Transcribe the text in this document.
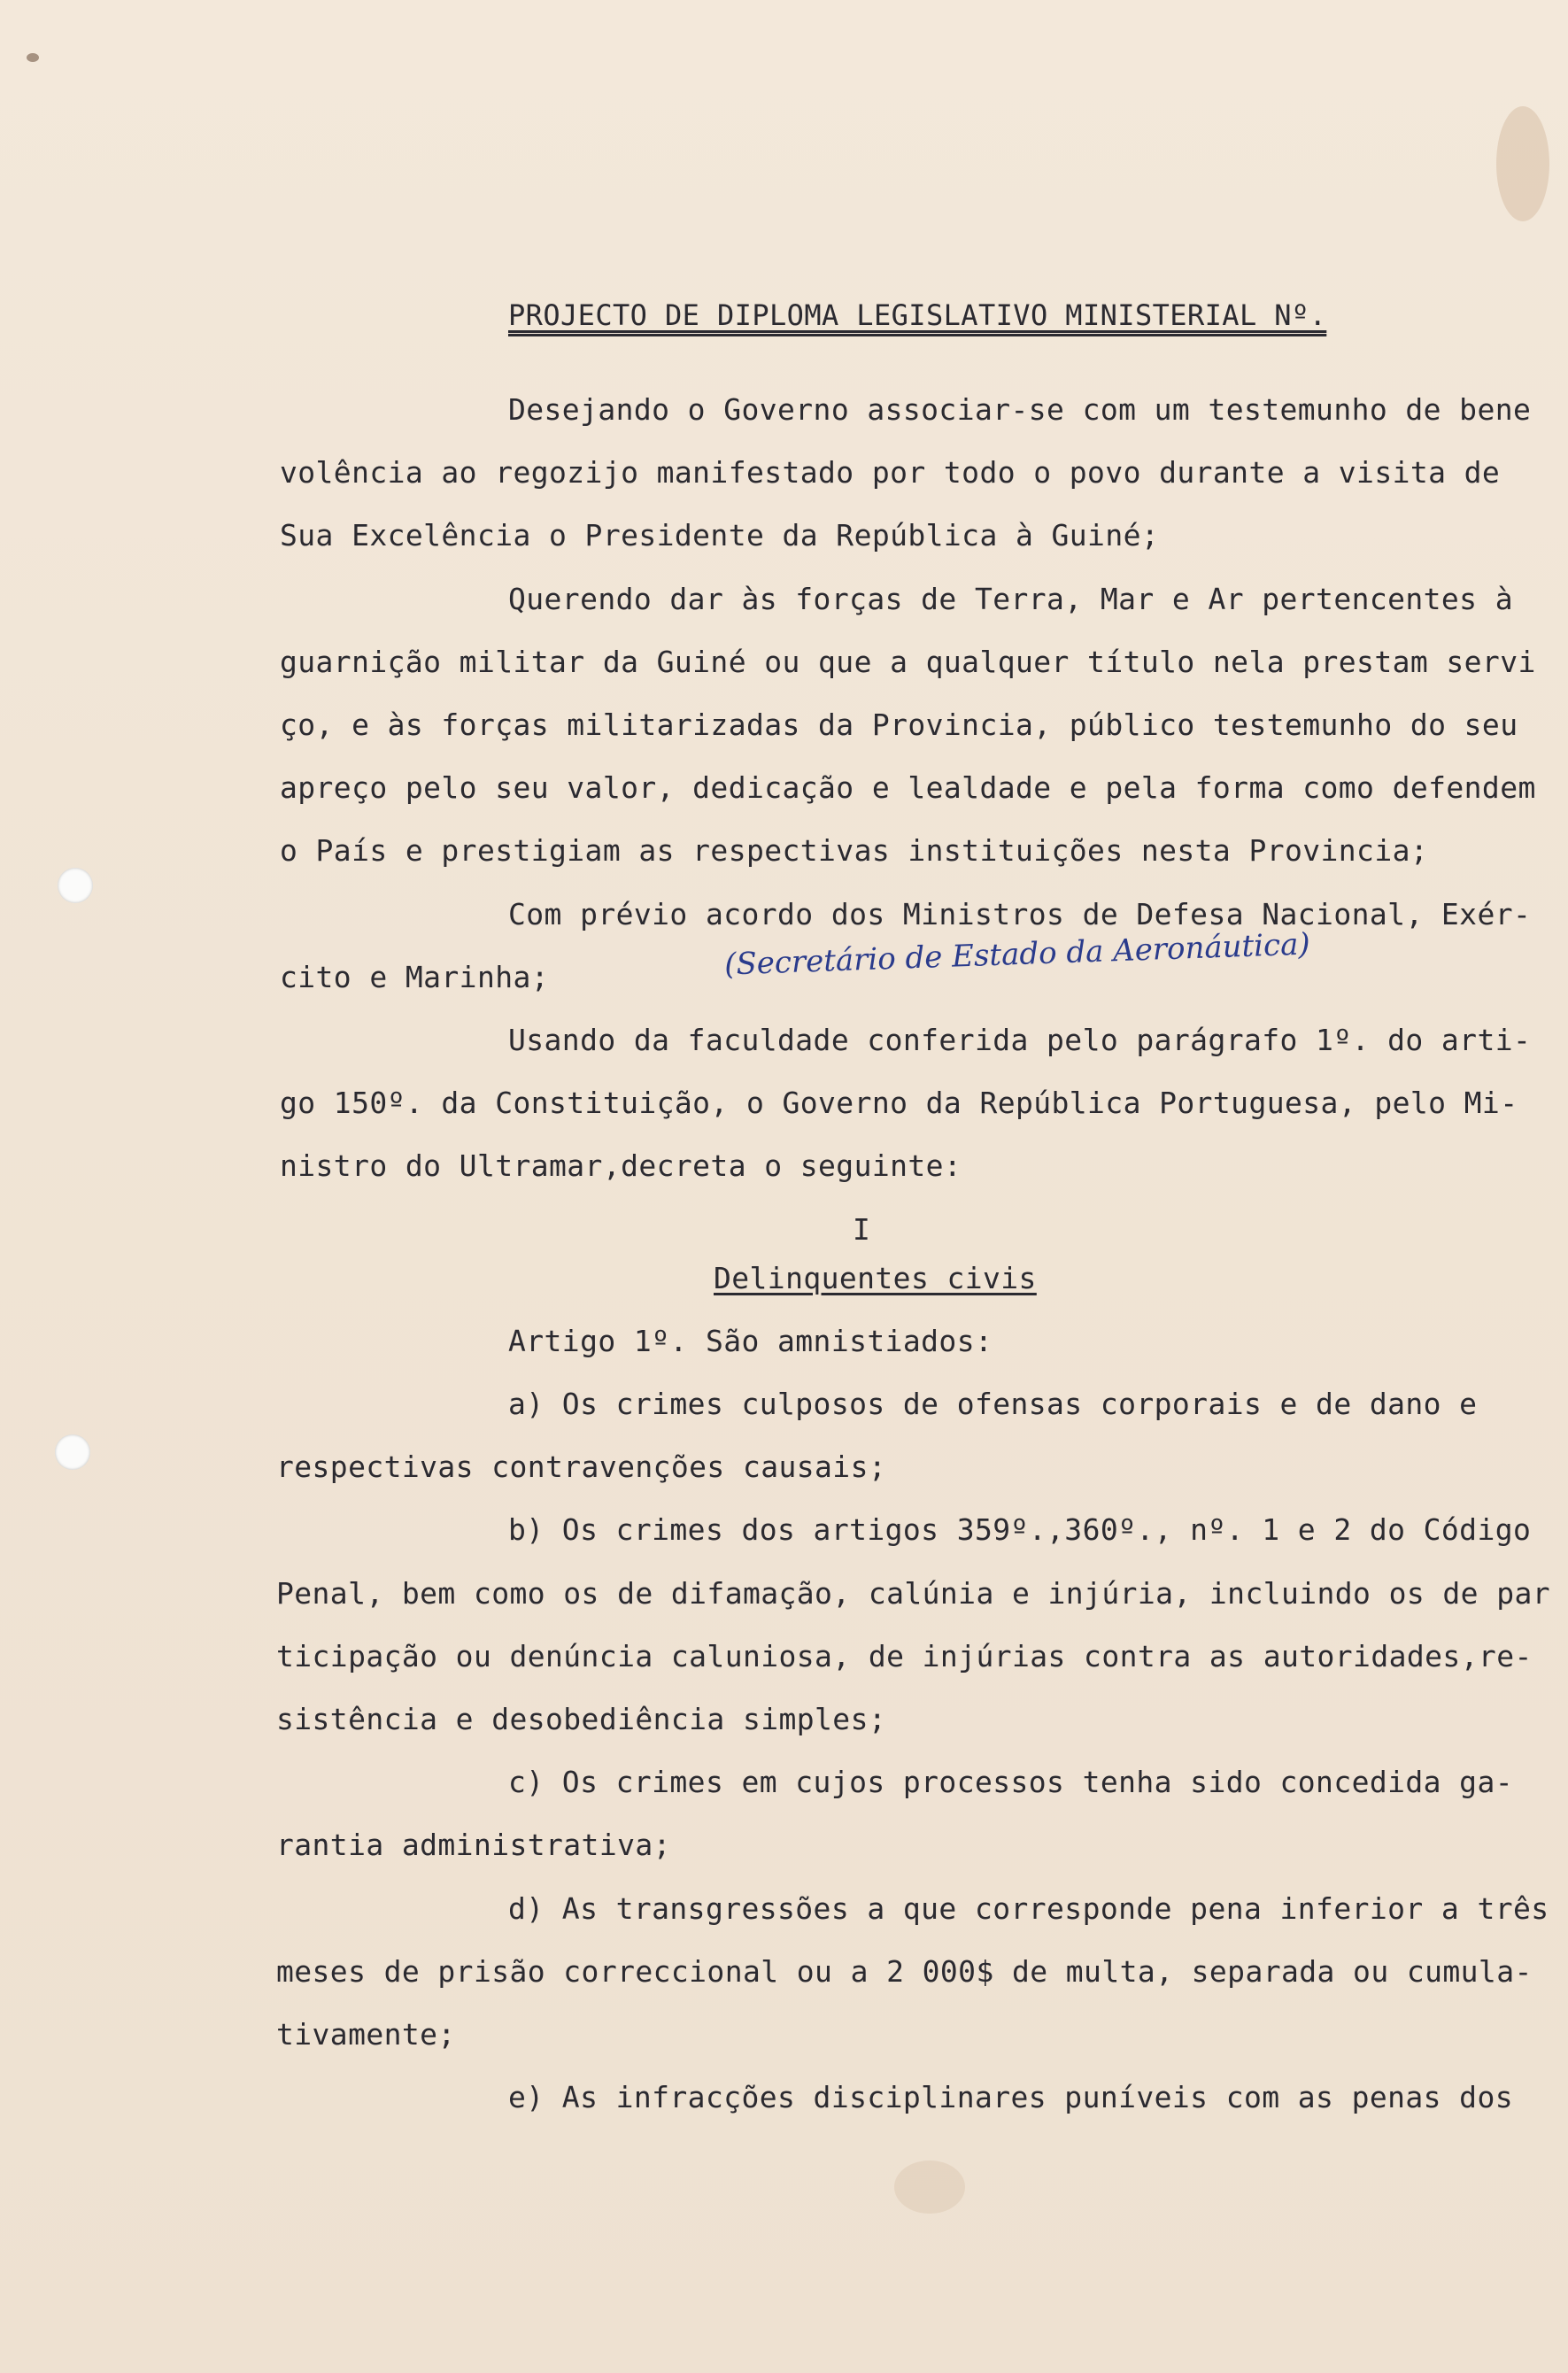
PROJECTO DE DIPLOMA LEGISLATIVO MINISTERIAL Nº.
Desejando o Governo associar-se com um testemunho de bene
volência ao regozijo manifestado por todo o povo durante a visita de
Sua Excelência o Presidente da República à Guiné;
Querendo dar às forças de Terra, Mar e Ar pertencentes à
guarnição militar da Guiné ou que a qualquer título nela prestam servi
ço, e às forças militarizadas da Provincia, público testemunho do seu
apreço pelo seu valor, dedicação e lealdade e pela forma como defendem
o País e prestigiam as respectivas instituições nesta Provincia;
Com prévio acordo dos Ministros de Defesa Nacional, Exér-
cito e Marinha;	(Secretário de Estado da Aeronáutica)
Usando da faculdade conferida pelo parágrafo 1º. do arti-
go 150º. da Constituição, o Governo da República Portuguesa, pelo Mi-
nistro do Ultramar,decreta o seguinte:
I
Delinquentes civis
Artigo 1º. São amnistiados:
a) Os crimes culposos de ofensas corporais e de dano e
respectivas contravenções causais;
b) Os crimes dos artigos 359º.,360º., nº. 1 e 2 do Código
Penal, bem como os de difamação, calúnia e injúria, incluindo os de par
ticipação ou denúncia caluniosa, de injúrias contra as autoridades,re-
sistência e desobediência simples;
c) Os crimes em cujos processos tenha sido concedida ga-
rantia administrativa;
d) As transgressões a que corresponde pena inferior a três
meses de prisão correccional ou a 2 000$ de multa, separada ou cumula-
tivamente;
e) As infracções disciplinares puníveis com as penas dos
